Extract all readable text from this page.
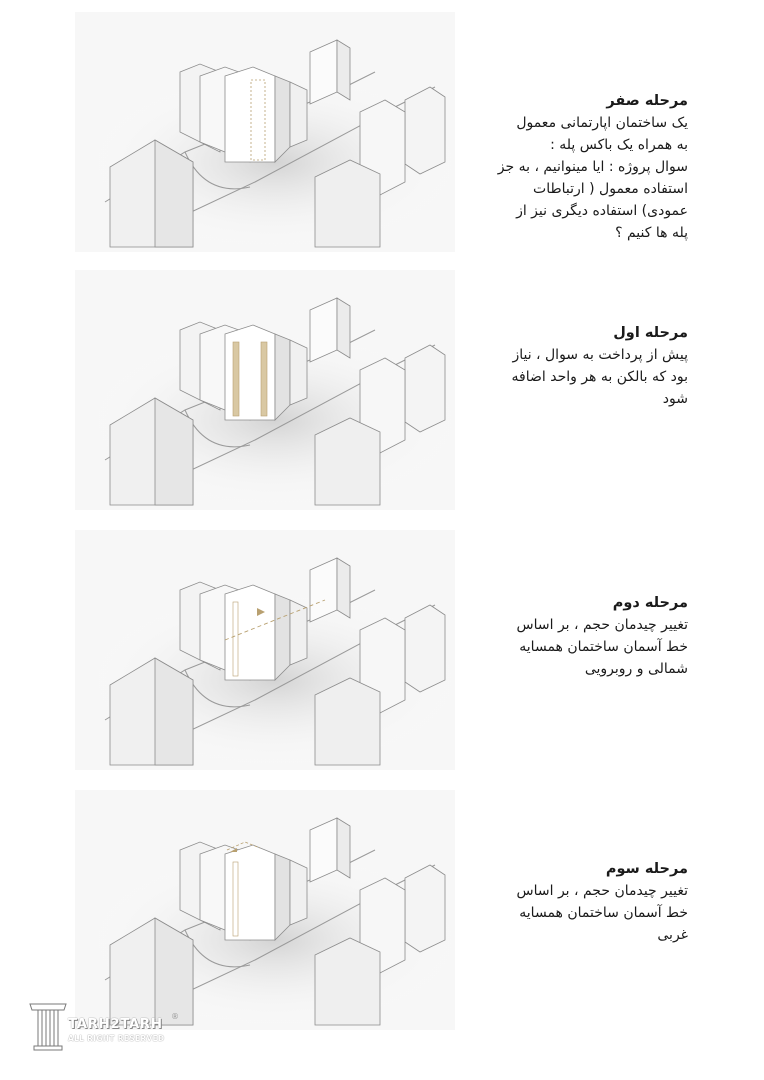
مرحله صفر
یک ساختمان اپارتمانی معمول
به همراه یک باکس پله :
سوال پروژه : ایا مینوانیم ، به جز
استفاده معمول ( ارتباطات
عمودی) استفاده دیگری نیز از
پله ها کنیم ؟
مرحله اول
پیش از پرداخت به سوال ، نیاز
بود که بالکن به هر واحد اضافه
شود
مرحله دوم
تغییر چیدمان حجم ، بر اساس
خط آسمان ساختمان همسایه
شمالی و روبرویی
مرحله سوم
تغییر چیدمان حجم ، بر اساس
خط آسمان ساختمان همسایه
غربی
TARH2TARH
ALL RIGHT RESERVED
®
